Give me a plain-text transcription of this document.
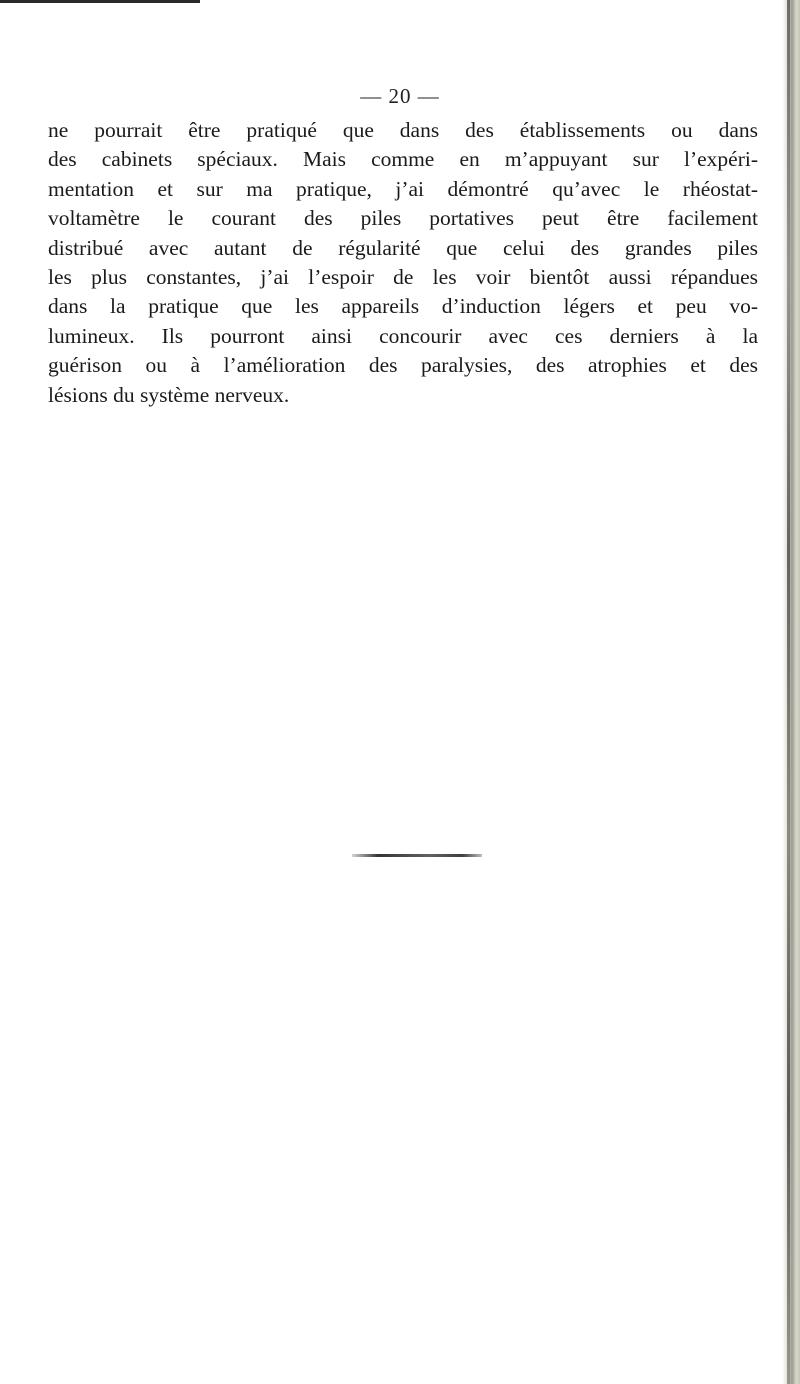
— 20 —
ne pourrait être pratiqué que dans des établissements ou dans
des cabinets spéciaux. Mais comme en m’appuyant sur l’expéri-
mentation et sur ma pratique, j’ai démontré qu’avec le rhéostat-
voltamètre le courant des piles portatives peut être facilement
distribué avec autant de régularité que celui des grandes piles
les plus constantes, j’ai l’espoir de les voir bientôt aussi répandues
dans la pratique que les appareils d’induction légers et peu vo-
lumineux. Ils pourront ainsi concourir avec ces derniers à la
guérison ou à l’amélioration des paralysies, des atrophies et des
lésions du système nerveux.
